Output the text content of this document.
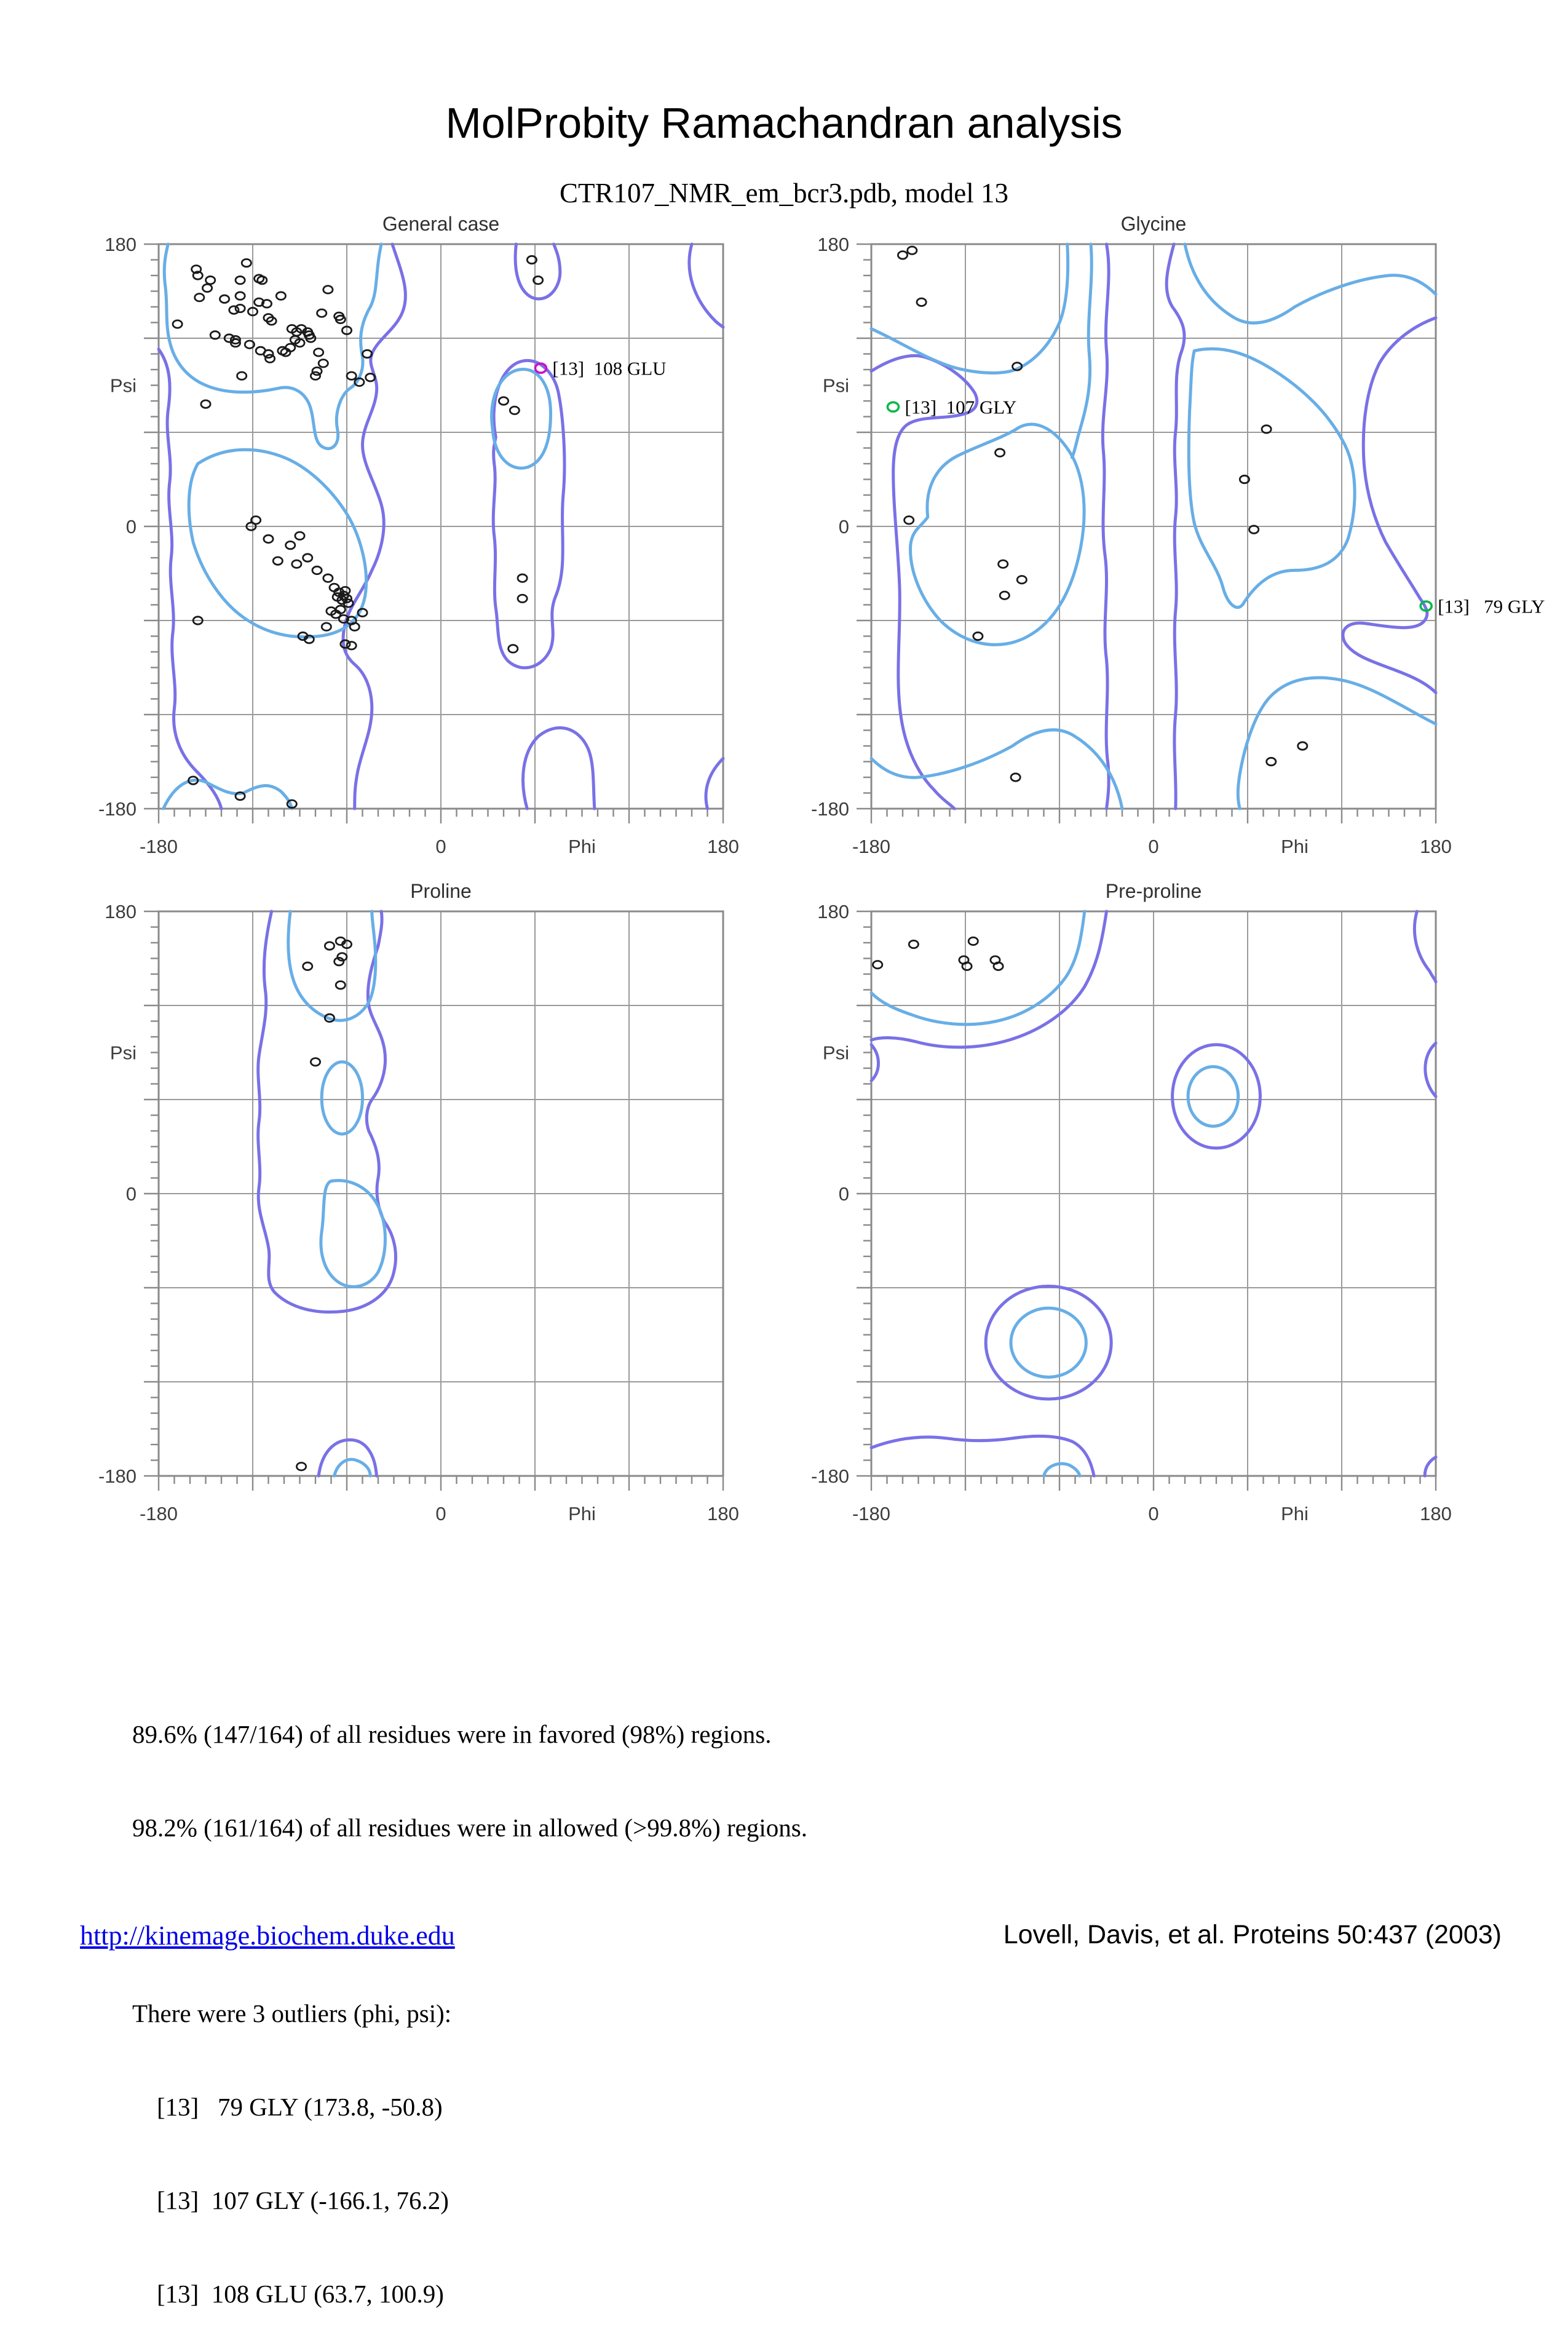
MolProbity Ramachandran analysis
CTR107_NMR_em_bcr3.pdb, model 13
180
Psi
0
-180
-180	0	Phi	180
General case
[13]  108 GLU
180
Psi
0
-180
-180	0	Phi	180
Glycine
[13]  107 GLY
[13]   79 GLY
180
Psi
0
-180
-180	0	Phi	180
Proline
180
Psi
0
-180
-180	0	Phi	180
Pre-proline

89.6% (147/164) of all residues were in favored (98%) regions.

98.2% (161/164) of all residues were in allowed (>99.8%) regions.

There were 3 outliers (phi, psi):

[13]   79 GLY (173.8, -50.8)

[13]  107 GLY (-166.1, 76.2)

[13]  108 GLU (63.7, 100.9)

http://kinemage.biochem.duke.edu	Lovell, Davis, et al. Proteins 50:437 (2003)
